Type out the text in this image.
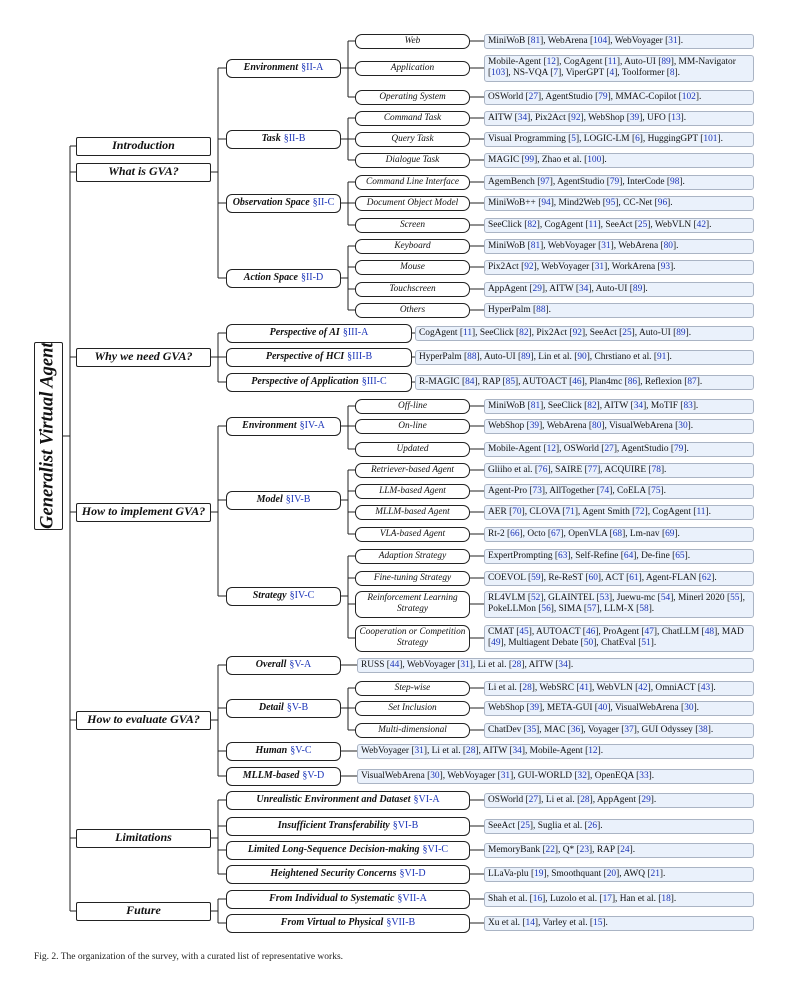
Introduction
What is GVA?
Why we need GVA?
How to implement GVA?
How to evaluate GVA?
Limitations
Future
Environment §II-A
Task §II-B
Observation Space §II-C
Action Space §II-D
Perspective of AI §III-A
Perspective of HCI §III-B
Perspective of Application §III-C
Environment §IV-A
Model §IV-B
Strategy §IV-C
Overall §V-A
Detail §V-B
Human §V-C
MLLM-based §V-D
Unrealistic Environment and Dataset §VI-A
Insufficient Transferability §VI-B
Limited Long-Sequence Decision-making §VI-C
Heightened Security Concerns §VI-D
From Individual to Systematic §VII-A
From Virtual to Physical §VII-B
Web
Application
Operating System
Command Task
Query Task
Dialogue Task
Command Line Interface
Document Object Model
Screen
Keyboard
Mouse
Touchscreen
Others
Off-line
On-line
Updated
Retriever-based Agent
LLM-based Agent
MLLM-based Agent
VLA-based Agent
Adaption Strategy
Fine-tuning Strategy
Reinforcement Learning Strategy
Cooperation or Competition Strategy
Step-wise
Set Inclusion
Multi-dimensional
MiniWoB [81], WebArena [104], WebVoyager [31].
Mobile-Agent [12], CogAgent [11], Auto-UI [89], MM-Navigator [103], NS-VQA [7], ViperGPT [4], Toolformer [8].
OSWorld [27], AgentStudio [79], MMAC-Copilot [102].
AITW [34], Pix2Act [92], WebShop [39], UFO [13].
Visual Programming [5], LOGIC-LM [6], HuggingGPT [101].
MAGIC [99], Zhao et al. [100].
AgemBench [97], AgentStudio [79], InterCode [98].
MiniWoB++ [94], Mind2Web [95], CC-Net [96].
SeeClick [82], CogAgent [11], SeeAct [25], WebVLN [42].
MiniWoB [81], WebVoyager [31], WebArena [80].
Pix2Act [92], WebVoyager [31], WorkArena [93].
AppAgent [29], AITW [34], Auto-UI [89].
HyperPalm [88].
CogAgent [11], SeeClick [82], Pix2Act [92], SeeAct [25], Auto-UI [89].
HyperPalm [88], Auto-UI [89], Lin et al. [90], Chrstiano et al. [91].
R-MAGIC [84], RAP [85], AUTOACT [46], Plan4mc [86], Reflexion [87].
MiniWoB [81], SeeClick [82], AITW [34], MoTIF [83].
WebShop [39], WebArena [80], VisualWebArena [30].
Mobile-Agent [12], OSWorld [27], AgentStudio [79].
Gliiho et al. [76], SAIRE [77], ACQUIRE [78].
Agent-Pro [73], AllTogether [74], CoELA [75].
AER [70], CLOVA [71], Agent Smith [72], CogAgent [11].
Rt-2 [66], Octo [67], OpenVLA [68], Lm-nav [69].
ExpertPrompting [63], Self-Refine [64], De-fine [65].
COEVOL [59], Re-ReST [60], ACT [61], Agent-FLAN [62].
RL4VLM [52], GLAINTEL [53], Juewu-mc [54], Minerl 2020 [55], PokeLLMon [56], SIMA [57], LLM-X [58].
CMAT [45], AUTOACT [46], ProAgent [47], ChatLLM [48], MAD [49], Multiagent Debate [50], ChatEval [51].
RUSS [44], WebVoyager [31], Li et al. [28], AITW [34].
Li et al. [28], WebSRC [41], WebVLN [42], OmniACT [43].
WebShop [39], META-GUI [40], VisualWebArena [30].
ChatDev [35], MAC [36], Voyager [37], GUI Odyssey [38].
WebVoyager [31], Li et al. [28], AITW [34], Mobile-Agent [12].
VisualWebArena [30], WebVoyager [31], GUI-WORLD [32], OpenEQA [33].
OSWorld [27], Li et al. [28], AppAgent [29].
SeeAct [25], Suglia et al. [26].
MemoryBank [22], Q* [23], RAP [24].
LLaVa-plu [19], Smoothquant [20], AWQ [21].
Shah et al. [16], Luzolo et al. [17], Han et al. [18].
Xu et al. [14], Varley et al. [15].
Generalist Virtual Agent
Fig. 2. The organization of the survey, with a curated list of representative works.
